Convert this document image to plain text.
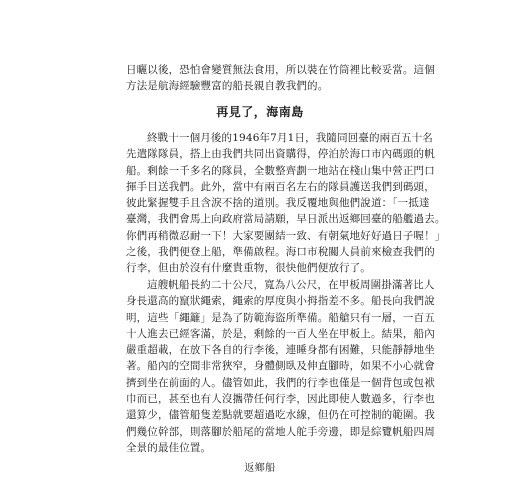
日曬以後，恐怕會變質無法食用，所以裝在竹筒裡比較妥當。這個
方法是航海經驗豐富的船長親自教我們的。
再見了，海南島
終戰十一個月後的1946年7月1日，我隨同回臺的兩百五十名
先遣隊隊員，搭上由我們共同出資購得，停泊於海口市內碼頭的帆
船。剩餘一千多名的隊員，全數整齊劃一地站在棧山集中營正門口
揮手目送我們。此外，當中有兩百名左右的隊員護送我們到碼頭，
彼此緊握雙手且含淚不捨的道別。我反覆地與他們說道：「一抵達
臺灣，我們會馬上向政府當局請願，早日派出返鄉回臺的船艦過去。
你們再稍微忍耐一下！大家要團結一致、有朝氣地好好過日子喔！」
之後，我們便登上船，準備啟程。海口市稅關人員前來檢查我們的
行李，但由於沒有什麼貴重物，很快他們便放行了。
這艘帆船長約二十公尺，寬為八公尺，在甲板周圍掛滿著比人
身長還高的竄狀繩索，繩索的厚度與小拇指差不多。船長向我們說
明，這些「繩籬」是為了防範海盜所準備。船艙只有一層，一百五
十人進去已經客滿，於是，剩餘的一百人坐在甲板上。結果，船內
嚴重超載，在放下各自的行李後，連睡身都有困難，只能靜靜地坐
著。船內的空間非常狹窄，身體側臥及伸直腳時，如果不小心就會
擠到坐在前面的人。儘管如此，我們的行李也僅是一個背包或包袱
巾而已，甚至也有人沒攜帶任何行李，因此即使人數過多，行李也
還算少，儘管船隻差點就要超過吃水線，但仍在可控制的範圍。我
們幾位幹部，則落腳於船尾的當地人舵手旁邊，即是綜覽帆船四周
全景的最佳位置。
返鄉船
